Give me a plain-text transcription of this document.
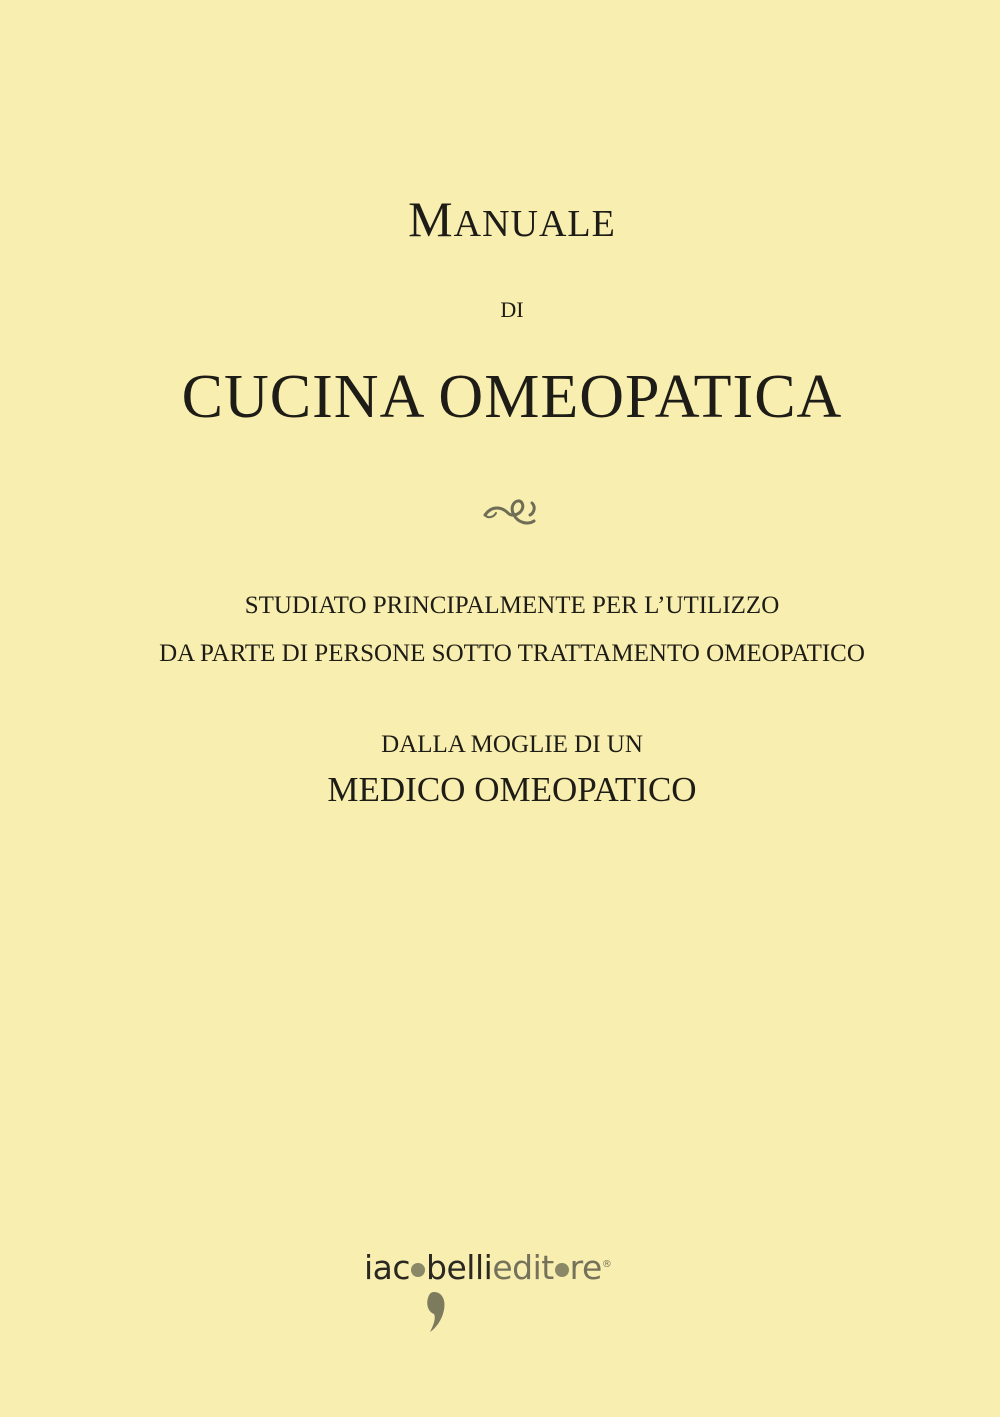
MANUALE
DI
CUCINA OMEOPATICA
STUDIATO PRINCIPALMENTE PER L’UTILIZZO
DA PARTE DI PERSONE SOTTO TRATTAMENTO OMEOPATICO
DALLA MOGLIE DI UN
MEDICO OMEOPATICO
iac belliedit re®
